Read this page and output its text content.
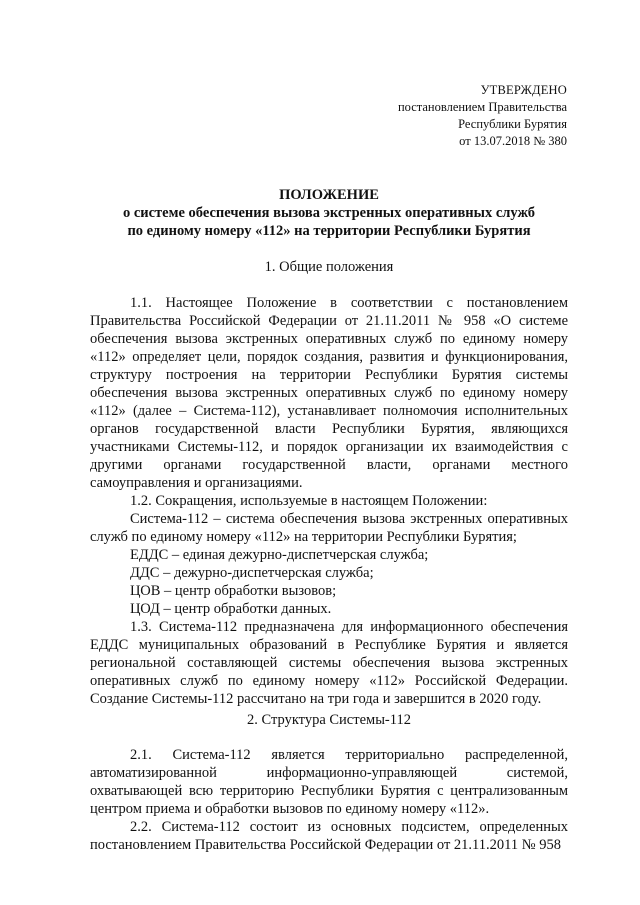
УТВЕРЖДЕНО
постановлением Правительства
Республики Бурятия
от 13.07.2018 № 380
ПОЛОЖЕНИЕ
о системе обеспечения вызова экстренных оперативных служб
по единому номеру «112» на территории Республики Бурятия
1. Общие положения

1.1. Настоящее Положение в соответствии с постановлением Правительства Российской Федерации от 21.11.2011 № 958 «О системе обеспечения вызова экстренных оперативных служб по единому номеру «112» определяет цели, порядок создания, развития и функционирования, структуру построения на территории Республики Бурятия системы обеспечения вызова экстренных оперативных служб по единому номеру «112» (далее – Система-112), устанавливает полномочия исполнительных органов государственной власти Республики Бурятия, являющихся участниками Системы-112, и порядок организации их взаимодействия с другими органами государственной власти, органами местного самоуправления и организациями.

1.2. Сокращения, используемые в настоящем Положении:

Система-112 – система обеспечения вызова экстренных оперативных служб по единому номеру «112» на территории Республики Бурятия;

ЕДДС – единая дежурно-диспетчерская служба;

ДДС – дежурно-диспетчерская служба;

ЦОВ – центр обработки вызовов;

ЦОД – центр обработки данных.

1.3. Система-112 предназначена для информационного обеспечения ЕДДС муниципальных образований в Республике Бурятия и является региональной составляющей системы обеспечения вызова экстренных оперативных служб по единому номеру «112» Российской Федерации. Создание Системы-112 рассчитано на три года и завершится в 2020 году.

2. Структура Системы-112

2.1. Система-112 является территориально распределенной, автоматизированной информационно-управляющей системой, охватывающей всю территорию Республики Бурятия с централизованным центром приема и обработки вызовов по единому номеру «112».

2.2. Система-112 состоит из основных подсистем, определенных постановлением Правительства Российской Федерации от 21.11.2011 № 958
